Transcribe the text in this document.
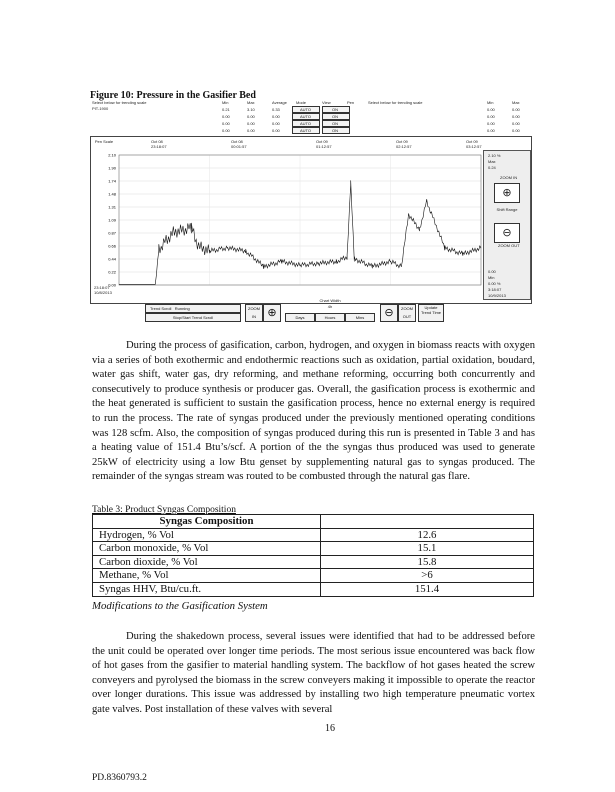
Figure 10: Pressure in the Gasifier Bed
Select below for trending scale
PIT-1900
Min	Max	Average Mode	View	Pen	Select below for trending scale	Min	Max
0.21	3.10	0.33	AUTO	ON	0.00	0.00
0.00	0.00	0.00	AUTO	ON	0.00	0.00
0.00	0.00	0.00	AUTO	ON	0.00	0.00
0.00	0.00	0.00	AUTO	ON	0.00	0.00
Pen Scale	Oct 08
23:18:07
Oct 08
00:01:57
Oct 09
01:12:57
Oct 09
02:12:57
Oct 09
03:12:57
2.10
1.90
1.74
1.48
1.31
1.09
0.87
0.66
0.44
0.22
0.00
23:18:07
10/8/2013
2.10 %
Max
0.24
ZOOM IN
⊕
Shift Range
⊖
ZOOM OUT
0.00
Min
0.00 %
3:18:07
10/9/2013
Trend Scroll Running
Stop/Start Trend Scroll
ZOOM IN	⊕
Chart Width
4h
Days	Hours	Mins	⊖	ZOOM OUT
Update Trend Time

During the process of gasification, carbon, hydrogen, and oxygen in biomass reacts with oxygen via a series of both exothermic and endothermic reactions such as oxidation, partial oxidation, boudard, water gas shift, water gas, dry reforming, and methane reforming, occurring both concurrently and consecutively to produce synthesis or producer gas. Overall, the gasification process is exothermic and the heat generated is sufficient to sustain the gasification process, hence no external energy is required to run the process. The rate of syngas produced under the previously mentioned operating conditions was 128 scfm. Also, the composition of syngas produced during this run is presented in Table 3 and has a heating value of 151.4 Btu’s/scf. A portion of the the syngas thus produced was used to generate 25kW of electricity using a low Btu genset by supplementing natural gas to syngas produced. The remainder of the syngas stream was routed to be combusted through the natural gas flare.

Table 3: Product Syngas Composition
Syngas Composition	
Hydrogen, % Vol	12.6
Carbon monoxide, % Vol	15.1
Carbon dioxide, % Vol	15.8
Methane, % Vol	>6
Syngas HHV, Btu/cu.ft.	151.4
Modifications to the Gasification System

During the shakedown process, several issues were identified that had to be addressed before the unit could be operated over longer time periods. The most serious issue encountered was back flow of hot gases from the gasifier to material handling system. The backflow of hot gases heated the screw conveyers and pyrolysed the biomass in the screw conveyers making it impossible to operate the reactor over longer durations. This issue was addressed by installing two high temperature pneumatic vortex gate valves. Post installation of these valves with several

16
PD.8360793.2
